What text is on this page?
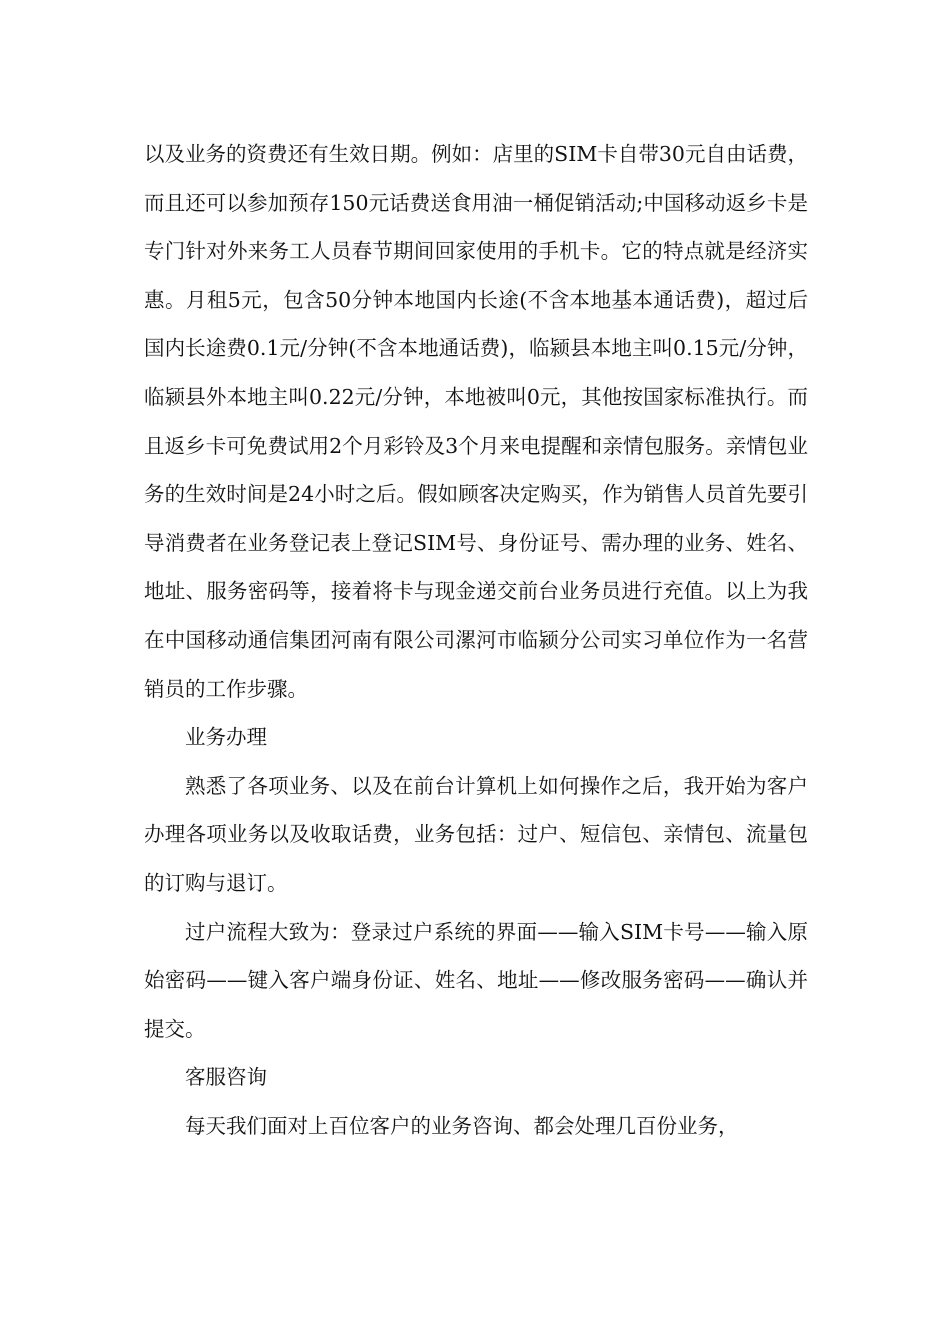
以及业务的资费还有生效日期。例如：店里的SIM卡自带30元自由话费，而且还可以参加预存150元话费送食用油一桶促销活动;中国移动返乡卡是专门针对外来务工人员春节期间回家使用的手机卡。它的特点就是经济实惠。月租5元，包含50分钟本地国内长途(不含本地基本通话费)，超过后国内长途费0.1元/分钟(不含本地通话费)，临颍县本地主叫0.15元/分钟，临颍县外本地主叫0.22元/分钟，本地被叫0元，其他按国家标准执行。而且返乡卡可免费试用2个月彩铃及3个月来电提醒和亲情包服务。亲情包业务的生效时间是24小时之后。假如顾客决定购买，作为销售人员首先要引导消费者在业务登记表上登记SIM号、身份证号、需办理的业务、姓名、地址、服务密码等，接着将卡与现金递交前台业务员进行充值。以上为我在中国移动通信集团河南有限公司漯河市临颍分公司实习单位作为一名营销员的工作步骤。

业务办理

熟悉了各项业务、以及在前台计算机上如何操作之后，我开始为客户办理各项业务以及收取话费，业务包括：过户、短信包、亲情包、流量包的订购与退订。

过户流程大致为：登录过户系统的界面——输入SIM卡号——输入原始密码——键入客户端身份证、姓名、地址——修改服务密码——确认并提交。

客服咨询

每天我们面对上百位客户的业务咨询、都会处理几百份业务，
